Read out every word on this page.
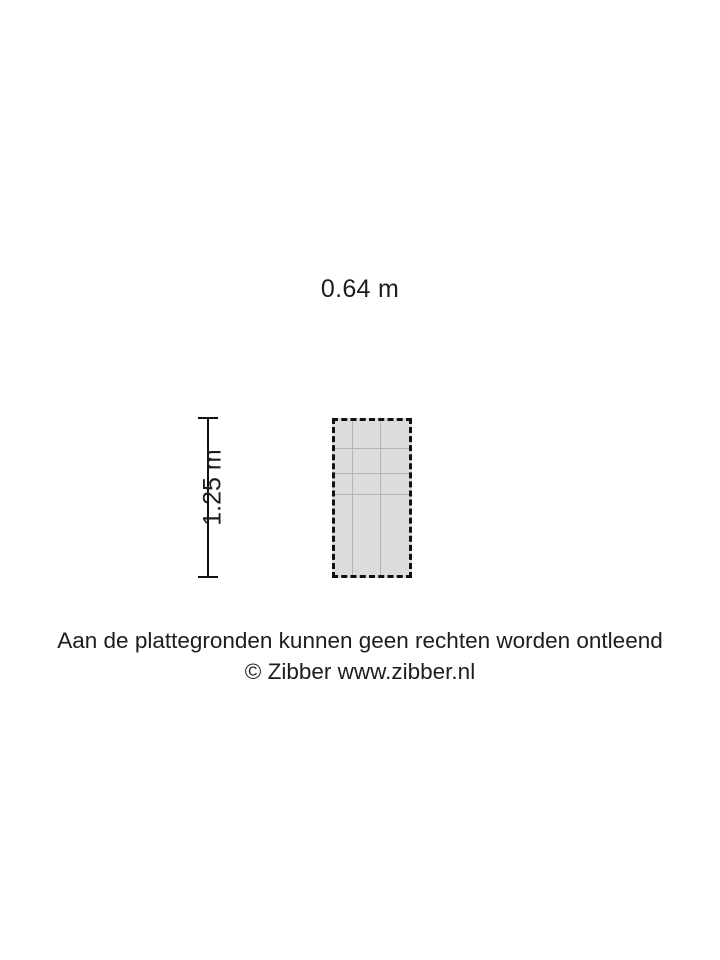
0.64 m
1.25 m
Aan de plattegronden kunnen geen rechten worden ontleend
© Zibber www.zibber.nl
